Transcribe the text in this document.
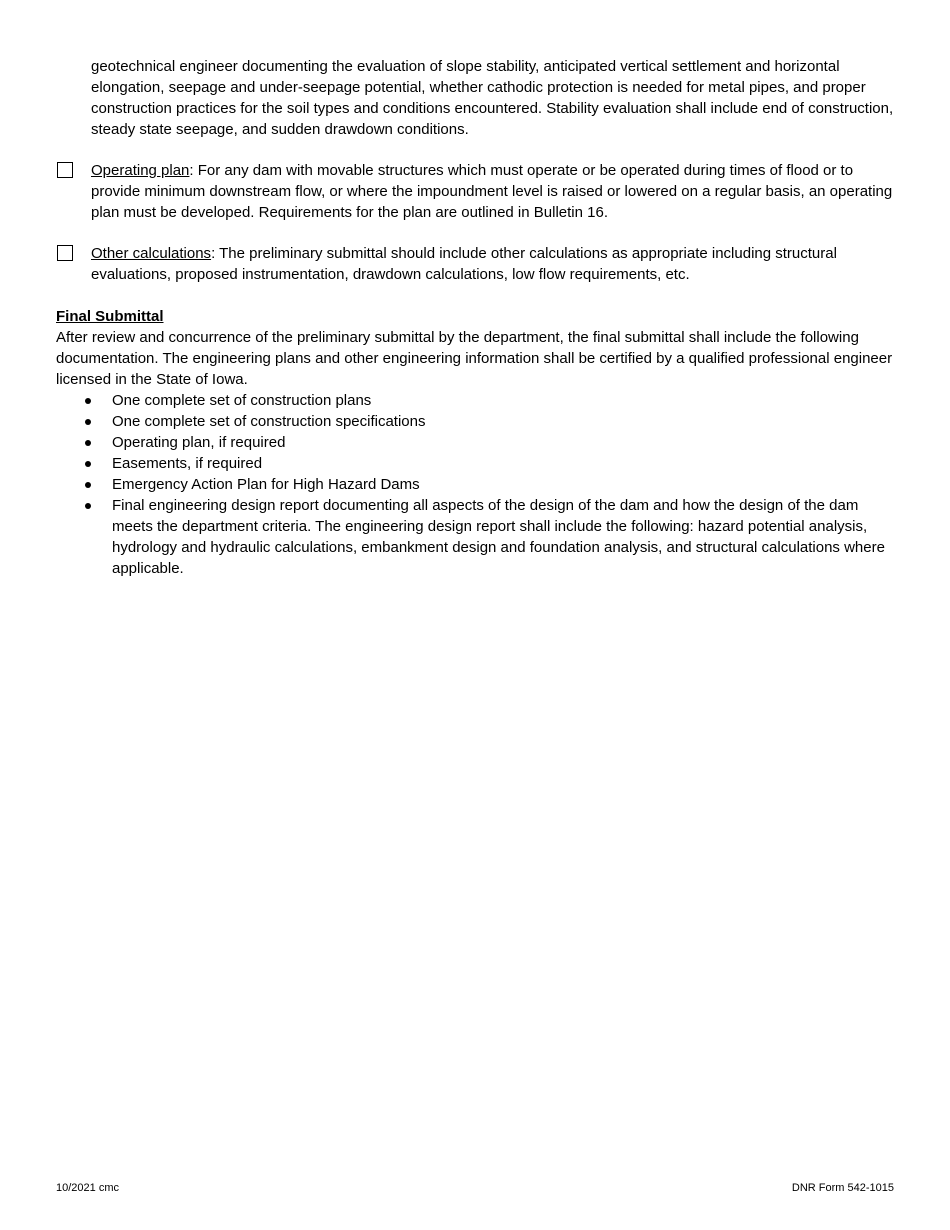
geotechnical engineer documenting the evaluation of slope stability, anticipated vertical settlement and horizontal elongation, seepage and under-seepage potential, whether cathodic protection is needed for metal pipes, and proper construction practices for the soil types and conditions encountered. Stability evaluation shall include end of construction, steady state seepage, and sudden drawdown conditions.

Operating plan: For any dam with movable structures which must operate or be operated during times of flood or to provide minimum downstream flow, or where the impoundment level is raised or lowered on a regular basis, an operating plan must be developed. Requirements for the plan are outlined in Bulletin 16.

Other calculations: The preliminary submittal should include other calculations as appropriate including structural evaluations, proposed instrumentation, drawdown calculations, low flow requirements, etc.

Final Submittal

After review and concurrence of the preliminary submittal by the department, the final submittal shall include the following documentation. The engineering plans and other engineering information shall be certified by a qualified professional engineer licensed in the State of Iowa.

One complete set of construction plans
One complete set of construction specifications
Operating plan, if required
Easements, if required
Emergency Action Plan for High Hazard Dams
Final engineering design report documenting all aspects of the design of the dam and how the design of the dam meets the department criteria. The engineering design report shall include the following: hazard potential analysis, hydrology and hydraulic calculations, embankment design and foundation analysis, and structural calculations where applicable.

10/2021 cmc	DNR Form 542-1015
